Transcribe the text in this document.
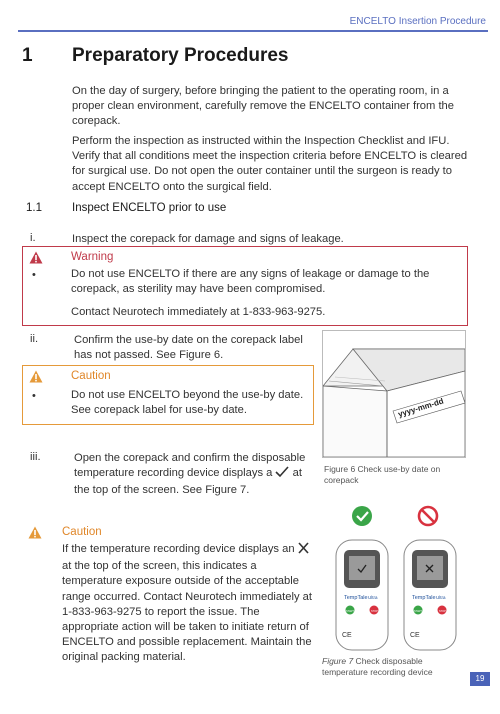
ENCELTO Insertion Procedure
1 Preparatory Procedures

On the day of surgery, before bringing the patient to the operating room, in a proper clean environment, carefully remove the ENCELTO container from the corepack.

Perform the inspection as instructed within the Inspection Checklist and IFU. Verify that all conditions meet the inspection criteria before ENCELTO is cleared for surgical use. Do not open the outer container until the surgeon is ready to accept ENCELTO onto the surgical field.

1.1	Inspect ENCELTO prior to use
i.	Inspect the corepack for damage and signs of leakage.

Warning
•	Do not use ENCELTO if there are any signs of leakage or damage to the corepack, as sterility may have been compromised.

Contact Neurotech immediately at 1-833-963-9275.

ii.	Confirm the use-by date on the corepack label has not passed. See Figure 6.

Caution
•	Do not use ENCELTO beyond the use-by date. See corepack label for use-by date.	yyyy-mm-dd
Figure 6 Check use-by date on corepack
iii.	Open the corepack and confirm the disposable temperature recording device displays a at the top of the screen. See Figure 7.

Caution

If the temperature recording device displays an  at the top of the screen, this indicates a temperature exposure outside of the acceptable range occurred. Contact Neurotech immediately at 1-833-963-9275 to report the issue. The appropriate action will be taken to initiate return of ENCELTO and possible replacement. Maintain the original packing material.

TempTale Ultra
START	STOP
CE
TempTale Ultra
START	STOP
CE
Figure 7 Check disposable temperature recording device
19
